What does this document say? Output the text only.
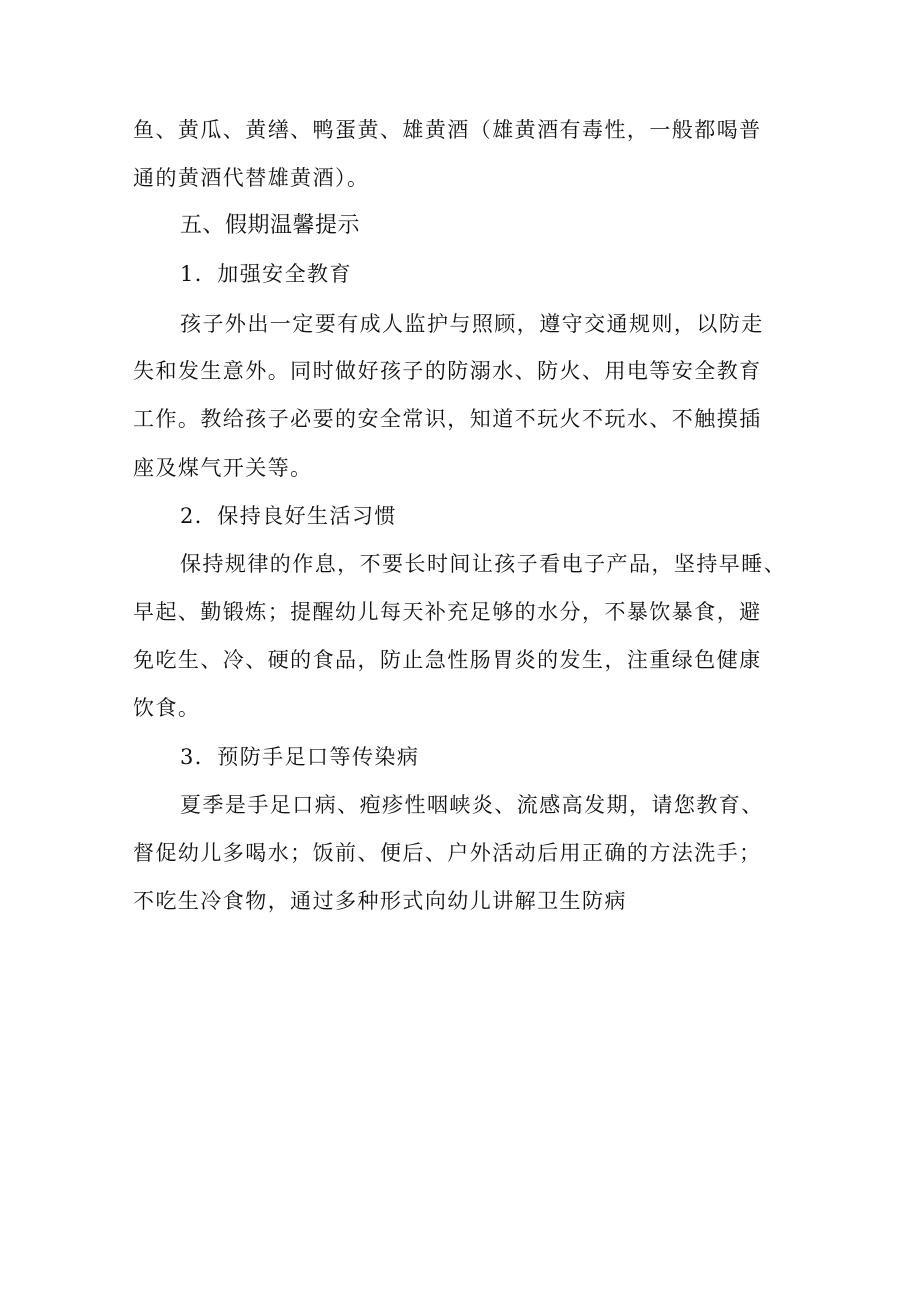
鱼、黄瓜、黄缮、鸭蛋黄、雄黄酒（雄黄酒有毒性，一般都喝普
通的黄酒代替雄黄酒）。
五、假期温馨提示
1．加强安全教育
孩子外出一定要有成人监护与照顾，遵守交通规则，以防走
失和发生意外。同时做好孩子的防溺水、防火、用电等安全教育
工作。教给孩子必要的安全常识，知道不玩火不玩水、不触摸插
座及煤气开关等。
2．保持良好生活习惯
保持规律的作息，不要长时间让孩子看电子产品，坚持早睡、
早起、勤锻炼；提醒幼儿每天补充足够的水分，不暴饮暴食，避
免吃生、冷、硬的食品，防止急性肠胃炎的发生，注重绿色健康
饮食。
3．预防手足口等传染病
夏季是手足口病、疱疹性咽峡炎、流感高发期，请您教育、
督促幼儿多喝水；饭前、便后、户外活动后用正确的方法洗手；
不吃生冷食物，通过多种形式向幼儿讲解卫生防病
